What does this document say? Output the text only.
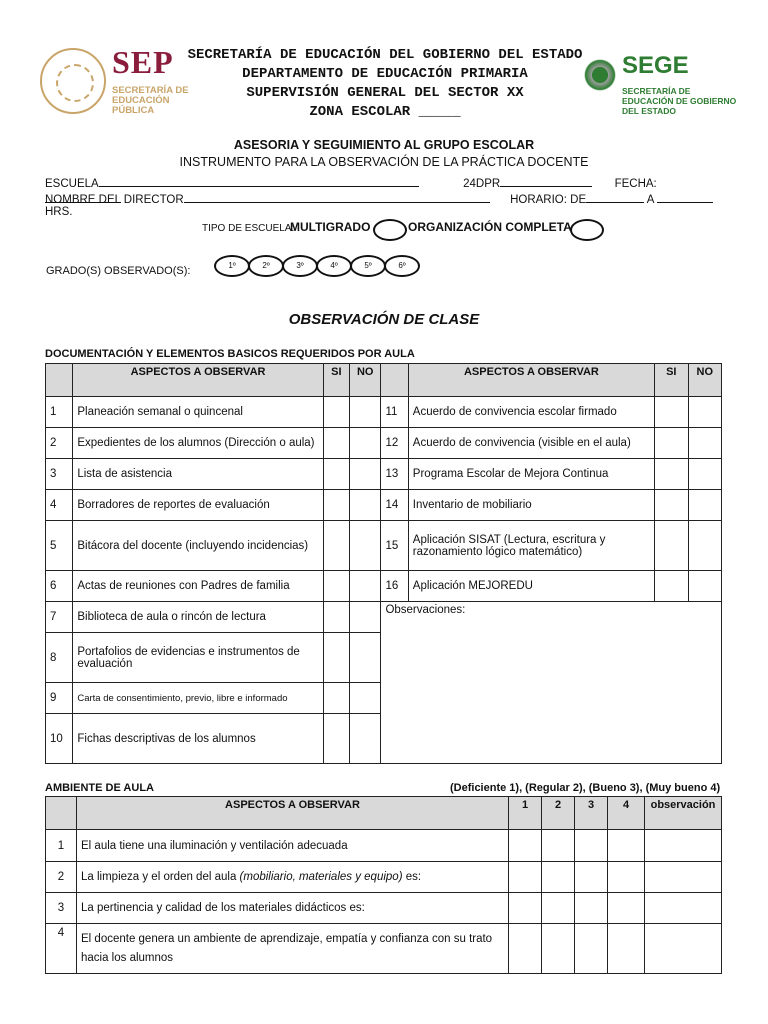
SEP
SECRETARÍA DE EDUCACIÓN PÚBLICA
SECRETARÍA DE EDUCACIÓN DEL GOBIERNO DEL ESTADO
DEPARTAMENTO DE EDUCACIÓN PRIMARIA
SUPERVISIÓN GENERAL DEL SECTOR XX
ZONA ESCOLAR _____
SEGE
SECRETARÍA DE EDUCACIÓN DE GOBIERNO DEL ESTADO
ASESORIA Y SEGUIMIENTO AL GRUPO ESCOLAR
INSTRUMENTO PARA LA OBSERVACIÓN DE LA PRÁCTICA DOCENTE
ESCUELA	24DPR	FECHA:
NOMBRE DEL DIRECTOR	HORARIO: DE	A  HRS.
TIPO DE ESCUELA:
MULTIGRADO	ORGANIZACIÓN COMPLETA
GRADO(S) OBSERVADO(S):	1º	2º	3º	4º	5º	6º
OBSERVACIÓN DE CLASE
DOCUMENTACIÓN Y ELEMENTOS BASICOS REQUERIDOS POR AULA
	ASPECTOS A OBSERVAR	SI	NO		ASPECTOS A OBSERVAR	SI	NO
1	Planeación semanal o quincenal			11	Acuerdo de convivencia escolar firmado		
2	Expedientes de los alumnos (Dirección o aula)			12	Acuerdo de convivencia (visible en el aula)		
3	Lista de asistencia			13	Programa Escolar de Mejora Continua		
4	Borradores de reportes de evaluación			14	Inventario de mobiliario		
5	Bitácora del docente (incluyendo incidencias)			15	Aplicación SISAT (Lectura, escritura y razonamiento lógico matemático)		
6	Actas de reuniones con Padres de familia			16	Aplicación MEJOREDU		
7	Biblioteca de aula o rincón de lectura			Observaciones:			
8	Portafolios de evidencias e instrumentos de evaluación						
9	Carta de consentimiento, previo, libre e informado						
10	Fichas descriptivas de los alumnos						
AMBIENTE DE AULA	(Deficiente 1), (Regular 2), (Bueno 3), (Muy bueno 4)
	ASPECTOS A OBSERVAR	1	2	3	4	observación
1	El aula tiene una iluminación y ventilación adecuada					
2	La limpieza y el orden del aula (mobiliario, materiales y equipo) es:					
3	La pertinencia y calidad de los materiales didácticos es:					
4	El docente genera un ambiente de aprendizaje, empatía y confianza con su trato hacia los alumnos					
